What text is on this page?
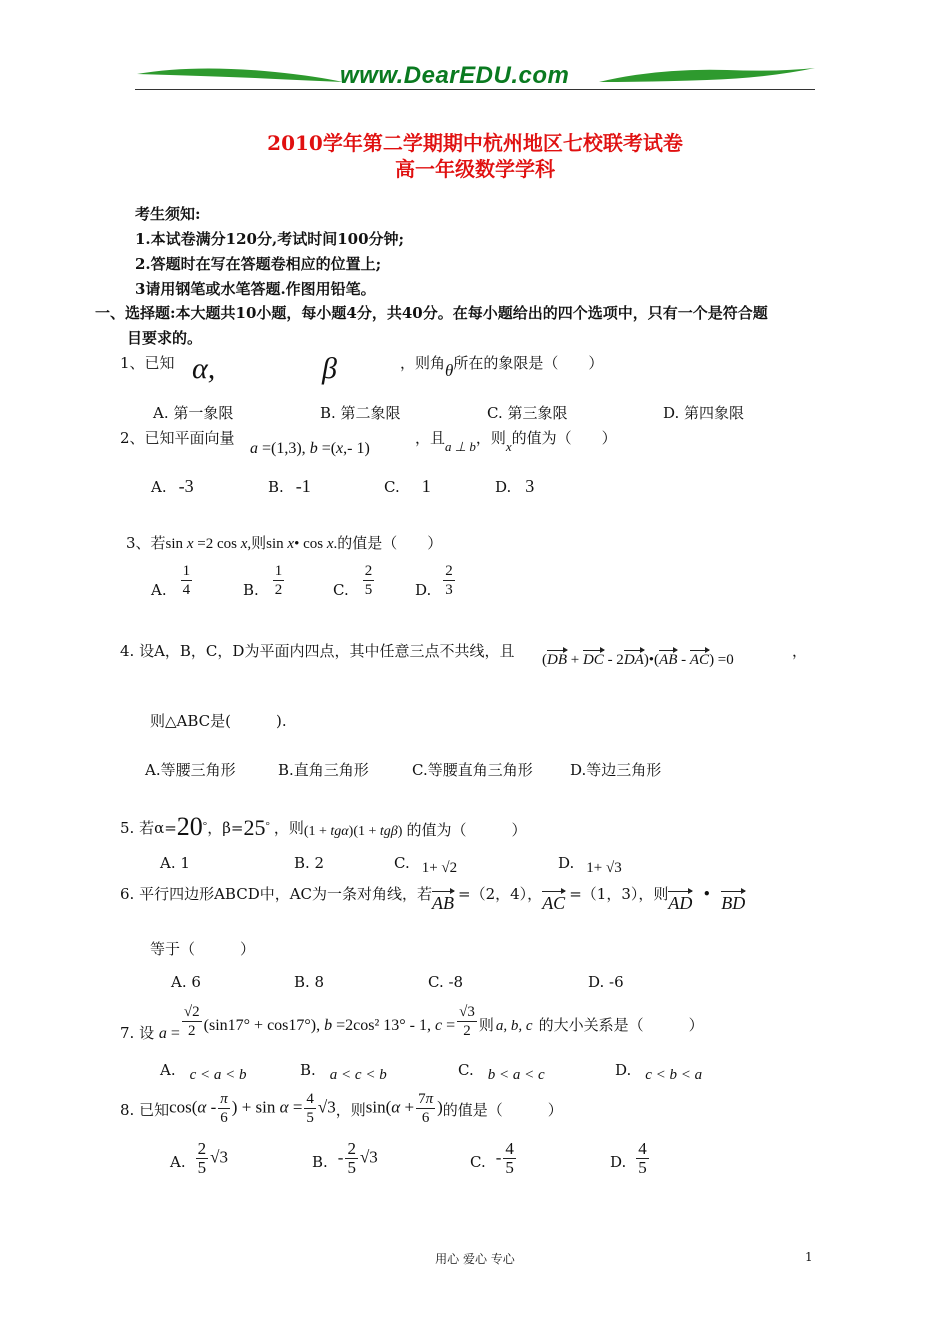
www.DearEDU.com
2010学年第二学期期中杭州地区七校联考试卷
高一年级数学学科
考生须知:
1.本试卷满分120分,考试时间100分钟;
2.答题时在写在答题卷相应的位置上;
3请用钢笔或水笔答题.作图用铅笔。
一、选择题:本大题共10小题，每小题4分，共40分。在每小题给出的四个选项中，只有一个是符合题
目要求的。
1、已知 α,	β	，则角θ所在的象限是（　　）
A. 第一象限	B. 第二象限	C. 第三象限	D. 第四象限
2、已知平面向量
a =(1,3), b =(x,- 1)
，且a ⊥ b，则x的值为（　　）
A. -3	B. -1	C. 1	D. 3
3、若sin x =2 cos x,则sin x• cos x.的值是（　　）
A. $\frac{1}{4}$	B. $\frac{1}{2}$	C. $\frac{2}{5}$	D. $\frac{2}{3}$
4. 设A，B，C，D为平面内四点，其中任意三点不共线，且 (DB + DC - 2DA)•(AB - AC) =0	，
则△ABC是(　　　).
A.等腰三角形	B.直角三角形	C.等腰直角三角形 D.等边三角形
5. 若α=20°，β=25° ，则(1 + tgα)(1 + tgβ) 的值为（　　　）
A. 1	B. 2	C. 1+ √2	D. 1+ √3
6. 平行四边形ABCD中，AC为一条对角线，若AB =（2，4），AC =（1，3），则AD • BD
等于（　　　）
A. 6	B. 8	C. -8	D. -6
7. 设 $a = \frac{√2}{2} (\sin 17^\circ + \cos 17^\circ)$, b =2cos² 13° - 1, $c = \frac{√3}{2}$ 则 a, b, c 的大小关系是（　　　）
A. c < a < b	B. a < c < b	C. b < a < c	D. c < b < a
8. 已知$\cos(\alpha - \frac{\pi}{6}$ ) + $\sin \alpha = \frac{4}{5} √3$，则$\sin(\alpha + \frac{7\pi}{6}$ )的值是（　　　）
A. $\frac{2}{5} √3$	B. - $\frac{2}{5} √3$	C. - $\frac{4}{5}$	D. $\frac{4}{5}$
用心 爱心 专心	1
